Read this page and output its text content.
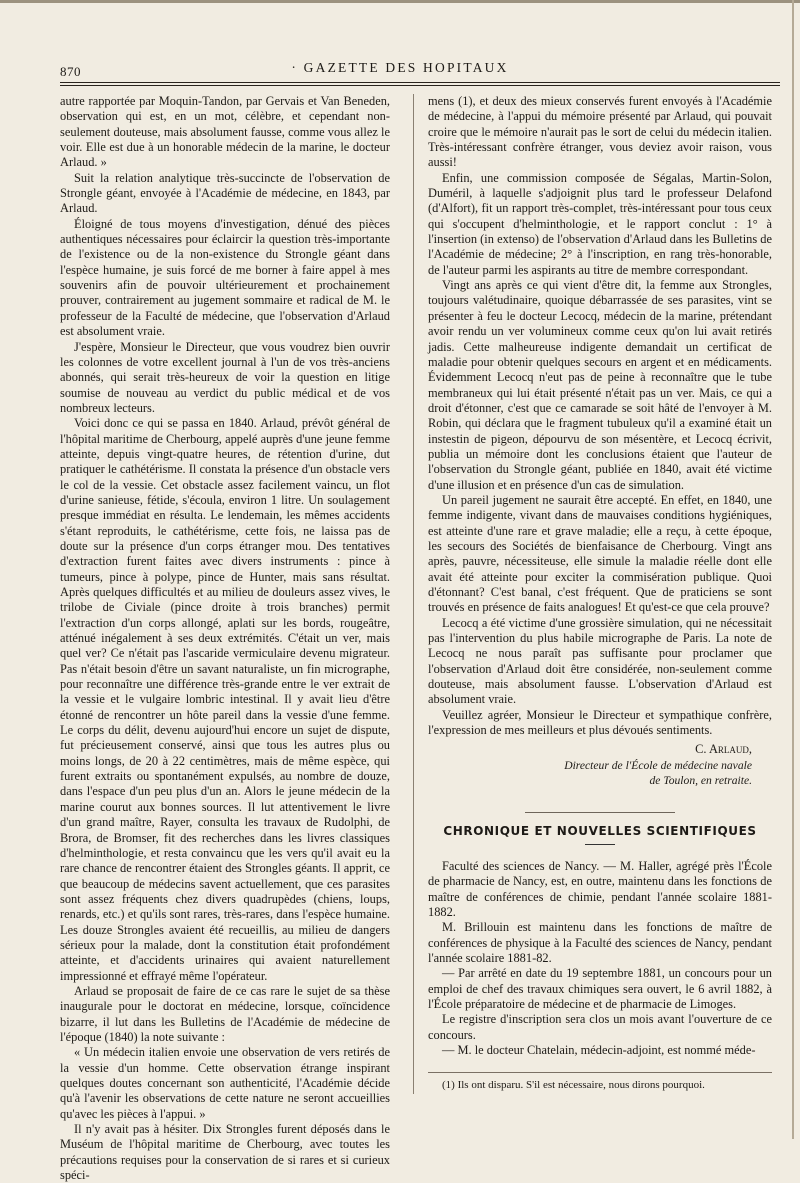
870	· GAZETTE DES HOPITAUX

autre rapportée par Moquin-Tandon, par Gervais et Van Beneden, observation qui est, en un mot, célèbre, et cependant non-seulement douteuse, mais absolument fausse, comme vous allez le voir. Elle est due à un honorable médecin de la marine, le docteur Arlaud. »

Suit la relation analytique très-succincte de l'observation de Strongle géant, envoyée à l'Académie de médecine, en 1843, par Arlaud.

Éloigné de tous moyens d'investigation, dénué des pièces authentiques nécessaires pour éclaircir la question très-importante de l'existence ou de la non-existence du Strongle géant dans l'espèce humaine, je suis forcé de me borner à faire appel à mes souvenirs afin de pouvoir ultérieurement et prochainement prouver, contrairement au jugement sommaire et radical de M. le professeur de la Faculté de médecine, que l'observation d'Arlaud est absolument vraie.

J'espère, Monsieur le Directeur, que vous voudrez bien ouvrir les colonnes de votre excellent journal à l'un de vos très-anciens abonnés, qui serait très-heureux de voir la question en litige soumise de nouveau au verdict du public médical et de vos nombreux lecteurs.

Voici donc ce qui se passa en 1840. Arlaud, prévôt général de l'hôpital maritime de Cherbourg, appelé auprès d'une jeune femme atteinte, depuis vingt-quatre heures, de rétention d'urine, dut pratiquer le cathétérisme. Il constata la présence d'un obstacle vers le col de la vessie. Cet obstacle assez facilement vaincu, un flot d'urine sanieuse, fétide, s'écoula, environ 1 litre. Un soulagement presque immédiat en résulta. Le lendemain, les mêmes accidents s'étant reproduits, le cathétérisme, cette fois, ne laissa pas de doute sur la présence d'un corps étranger mou. Des tentatives d'extraction furent faites avec divers instruments : pince à tumeurs, pince à polype, pince de Hunter, mais sans résultat. Après quelques difficultés et au milieu de douleurs assez vives, le trilobe de Civiale (pince droite à trois branches) permit l'extraction d'un corps allongé, aplati sur les bords, rougeâtre, atténué inégalement à ses deux extrémités. C'était un ver, mais quel ver? Ce n'était pas l'ascaride vermiculaire devenu migrateur. Pas n'était besoin d'être un savant naturaliste, un fin micrographe, pour reconnaître une différence très-grande entre le ver extrait de la vessie et le vulgaire lombric intestinal. Il y avait lieu d'être étonné de rencontrer un hôte pareil dans la vessie d'une femme. Le corps du délit, devenu aujourd'hui encore un sujet de dispute, fut précieusement conservé, ainsi que tous les autres plus ou moins longs, de 20 à 22 centimètres, mais de même espèce, qui furent extraits ou spontanément expulsés, au nombre de douze, dans l'espace d'un peu plus d'un an. Alors le jeune médecin de la marine courut aux bonnes sources. Il lut attentivement le livre d'un grand maître, Rayer, consulta les travaux de Rudolphi, de Brora, de Bromser, fit des recherches dans les livres classiques d'helminthologie, et resta convaincu que les vers qu'il avait eu la rare chance de rencontrer étaient des Strongles géants. Il apprit, ce que beaucoup de médecins savent actuellement, que ces parasites sont assez fréquents chez divers quadrupèdes (chiens, loups, renards, etc.) et qu'ils sont rares, très-rares, dans l'espèce humaine. Les douze Strongles avaient été recueillis, au milieu de dangers sérieux pour la malade, dont la constitution était profondément atteinte, et d'accidents urinaires qui avaient naturellement impressionné et effrayé même l'opérateur.

Arlaud se proposait de faire de ce cas rare le sujet de sa thèse inaugurale pour le doctorat en médecine, lorsque, coïncidence bizarre, il lut dans les Bulletins de l'Académie de médecine de l'époque (1840) la note suivante :

« Un médecin italien envoie une observation de vers retirés de la vessie d'un homme. Cette observation étrange inspirant quelques doutes concernant son authenticité, l'Académie décide qu'à l'avenir les observations de cette nature ne seront accueillies qu'avec les pièces à l'appui. »

Il n'y avait pas à hésiter. Dix Strongles furent déposés dans le Muséum de l'hôpital maritime de Cherbourg, avec toutes les précautions requises pour la conservation de si rares et si curieux spéci-

mens (1), et deux des mieux conservés furent envoyés à l'Académie de médecine, à l'appui du mémoire présenté par Arlaud, qui pouvait croire que le mémoire n'aurait pas le sort de celui du médecin italien. Très-intéressant confrère étranger, vous deviez avoir raison, vous aussi!

Enfin, une commission composée de Ségalas, Martin-Solon, Duméril, à laquelle s'adjoignit plus tard le professeur Delafond (d'Alfort), fit un rapport très-complet, très-intéressant pour tous ceux qui s'occupent d'helminthologie, et le rapport conclut : 1° à l'insertion (in extenso) de l'observation d'Arlaud dans les Bulletins de l'Académie de médecine; 2° à l'inscription, en rang très-honorable, de l'auteur parmi les aspirants au titre de membre correspondant.

Vingt ans après ce qui vient d'être dit, la femme aux Strongles, toujours valétudinaire, quoique débarrassée de ses parasites, vint se présenter à feu le docteur Lecocq, médecin de la marine, prétendant avoir rendu un ver volumineux comme ceux qu'on lui avait retirés jadis. Cette malheureuse indigente demandait un certificat de maladie pour obtenir quelques secours en argent et en médicaments. Évidemment Lecocq n'eut pas de peine à reconnaître que le tube membraneux qui lui était présenté n'était pas un ver. Mais, ce qui a droit d'étonner, c'est que ce camarade se soit hâté de l'envoyer à M. Robin, qui déclara que le fragment tubuleux qu'il a examiné était un instestin de pigeon, dépourvu de son mésentère, et Lecocq écrivit, publia un mémoire dont les conclusions étaient que l'auteur de l'observation du Strongle géant, publiée en 1840, avait été victime d'une illusion et en présence d'un cas de simulation.

Un pareil jugement ne saurait être accepté. En effet, en 1840, une femme indigente, vivant dans de mauvaises conditions hygiéniques, est atteinte d'une rare et grave maladie; elle a reçu, à cette époque, les secours des Sociétés de bienfaisance de Cherbourg. Vingt ans après, pauvre, nécessiteuse, elle simule la maladie réelle dont elle avait été atteinte pour exciter la commisération publique. Quoi d'étonnant? C'est banal, c'est fréquent. Que de praticiens se sont trouvés en présence de faits analogues! Et qu'est-ce que cela prouve?

Lecocq a été victime d'une grossière simulation, qui ne nécessitait pas l'intervention du plus habile micrographe de Paris. La note de Lecocq ne nous paraît pas suffisante pour proclamer que l'observation d'Arlaud doit être considérée, non-seulement comme douteuse, mais absolument fausse. L'observation d'Arlaud est absolument vraie.

Veuillez agréer, Monsieur le Directeur et sympathique confrère, l'expression de mes meilleurs et plus dévoués sentiments.

C. Arlaud,

Directeur de l'École de médecine navale

de Toulon, en retraite.

CHRONIQUE ET NOUVELLES SCIENTIFIQUES

Faculté des sciences de Nancy. — M. Haller, agrégé près l'École de pharmacie de Nancy, est, en outre, maintenu dans les fonctions de maître de conférences de chimie, pendant l'année scolaire 1881-1882.

M. Brillouin est maintenu dans les fonctions de maître de conférences de physique à la Faculté des sciences de Nancy, pendant l'année scolaire 1881-82.

— Par arrêté en date du 19 septembre 1881, un concours pour un emploi de chef des travaux chimiques sera ouvert, le 6 avril 1882, à l'École préparatoire de médecine et de pharmacie de Limoges.

Le registre d'inscription sera clos un mois avant l'ouverture de ce concours.

— M. le docteur Chatelain, médecin-adjoint, est nommé méde-

(1) Ils ont disparu. S'il est nécessaire, nous dirons pourquoi.
